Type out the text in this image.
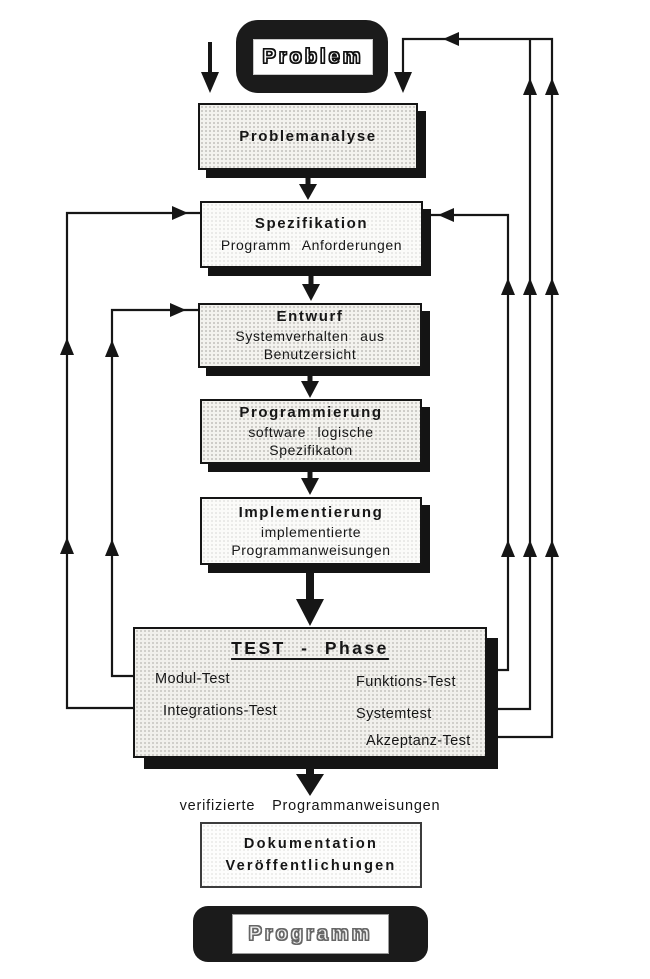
Problem
Problemanalyse
Spezifikation
Programm Anforderungen
Entwurf
Systemverhalten aus
Benutzersicht
Programmierung
software logische
Spezifikaton
Implementierung
implementierte
Programmanweisungen
TEST - Phase
Modul-Test
Integrations-Test
Funktions-Test
Systemtest
Akzeptanz-Test
verifizierte Programmanweisungen
Dokumentation
Veröffentlichungen
Programm
